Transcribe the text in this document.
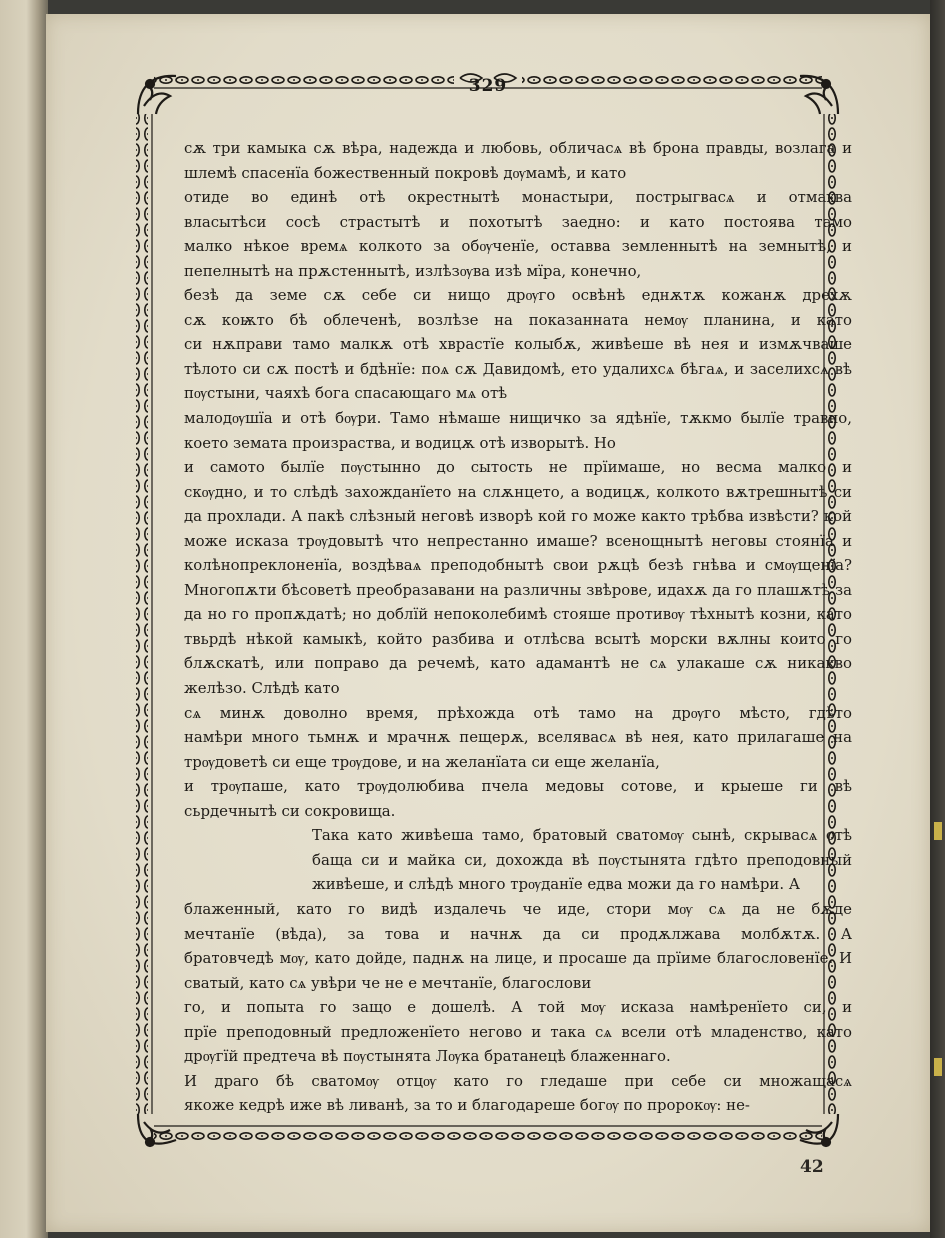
329
сѫ три камыка сѫ вѣра, надежда и любовь, обличасѧ вѣ брона правды, возлага и шлемѣ спасенїа божественный покровѣ дѹмамѣ, и като
отиде во единѣ отѣ окрестнытѣ монастыри, пострыгвасѧ и отмахва
власытѣси сосѣ страстытѣ и похотытѣ заедно: и като постоява тамо
малко нѣкое времѧ колкото за обѹченїе, оставва земленнытѣ на земнытѣ, и пепелнытѣ на прѫстеннытѣ, излѣзѹва изѣ мїра, конечно,
безѣ да земе сѫ себе си нищо дрѹго освѣнѣ еднѫтѫ кожанѫ дрехѫ
сѫ коѭто бѣ облеченѣ, возлѣзе на показанната немѹ планина, и като
си нѫправи тамо малкѫ отѣ хврастїе колыбѫ, живѣеше вѣ нея и измѫчваше тѣлото си сѫ постѣ и бдѣнїе: поѧ сѫ Давидомѣ, ето удалихсѧ бѣгаѧ, и заселихсѧ вѣ пѹстыни, чаяхѣ бога спасающаго мѧ отѣ
малодѹшїа и отѣ бѹри. Тамо нѣмаше нищичко за ядѣнїе, тѫкмо былїе травно, което земата произраства, и водицѫ отѣ изворытѣ. Но
и самото былїе пѹстынно до сытость не прїимаше, но весма малко и
скѹдно, и то слѣдѣ захожданїето на слѫнцето, а водицѫ, колкото вѫтрешнытѣ си да прохлади. А пакѣ слѣзный неговѣ изворѣ кой го може както трѣбва извѣсти? кой може исказа трѹдовытѣ что непрестанно имаше? всенощнытѣ неговы стоянїа и колѣнопреклоненїа, воздѣваѧ преподобнытѣ свои рѫцѣ безѣ гнѣва и смѹщенїа? Многопѫти бѣсоветѣ преобразавани на различны звѣрове, идахѫ да го плашѫтѣ за да но го пропѫдатѣ; но доблїй непоколебимѣ стояше противѹ тѣхнытѣ козни, като твьрдѣ нѣкой камыкѣ, който разбива и отлѣсва всытѣ морски вѫлны които го блѫскатѣ, или поправо да речемѣ, като адамантѣ не сѧ улакаше сѫ никакво желѣзо. Слѣдѣ като
сѧ минѫ доволно время, прѣхожда отѣ тамо на дрѹго мѣсто, гдѣто
намѣри много тьмнѫ и мрачнѫ пещерѫ, вселявасѧ вѣ нея, като прилагаше на трѹдоветѣ си еще трѹдове, и на желанїата си еще желанїа,
и трѹпаше, като трѹдолюбива пчела медовы сотове, и крыеше ги вѣ
сьрдечнытѣ си сокровища.
Така като живѣеша тамо, братовый сватомѹ сынѣ, скрывасѧ отѣ баща си и майка си, дохожда вѣ пѹстынята гдѣто преподовный живѣеше, и слѣдѣ много трѹданїе едва можи да го намѣри. А
блаженный, като го видѣ издалечь че иде, стори мѹ сѧ да не бѫде
мечтанїе (вѣда), за това и начнѫ да си продѫлжава молбѫтѫ. А
братовчедѣ мѹ, като дойде, паднѫ на лице, и просаше да прїиме благословенїе. И сватый, като сѧ увѣри че не е мечтанїе, благослови
го, и попыта го защо е дошелѣ. А той мѹ исказа намѣренїето си, и
прїе преподовный предложенїето негово и така сѧ всели отѣ младенство, като дрѹгїй предтеча вѣ пѹстынята Лѹка братанецѣ блаженнаго.
И драго бѣ сватомѹ отцѹ като го гледаше при себе си множащасѧ
якоже кедрѣ иже вѣ ливанѣ, за то и благодареше богѹ по пророкѹ: не-
42
